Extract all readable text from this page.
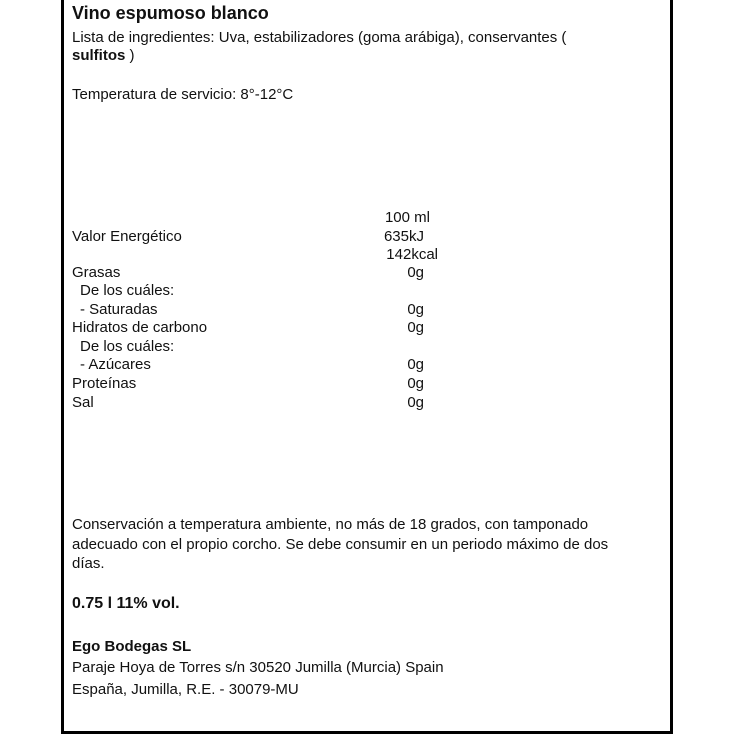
Vino espumoso blanco
Lista de ingredientes: Uva, estabilizadores (goma arábiga), conservantes (
sulfitos )
Temperatura de servicio: 8°-12°C
100 ml
Valor Energético	635kJ
142kcal
Grasas	0g
De los cuáles:
- Saturadas	0g
Hidratos de carbono	0g
De los cuáles:
- Azúcares	0g
Proteínas	0g
Sal	0g
Conservación a temperatura ambiente, no más de 18 grados, con tamponado
adecuado con el propio corcho. Se debe consumir en un periodo máximo de dos
días.
0.75 l 11% vol.
Ego Bodegas SL
Paraje Hoya de Torres s/n 30520 Jumilla (Murcia) Spain
España, Jumilla, R.E. - 30079-MU
